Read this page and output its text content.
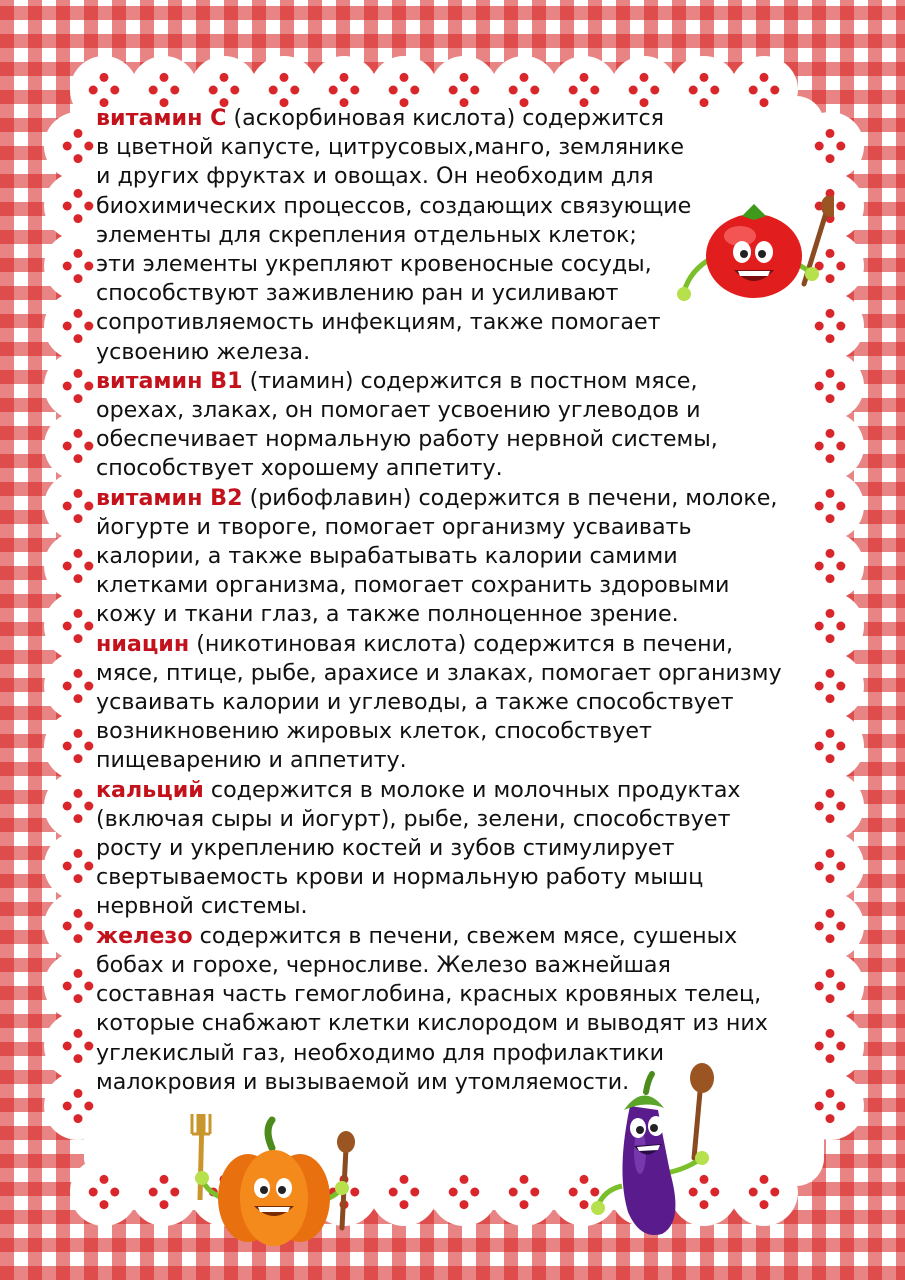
витамин С (аскорбиновая кислота) содержится
в цветной капусте, цитрусовых,манго, землянике
и других фруктах и овощах. Он необходим для
биохимических процессов, создающих связующие
элементы для скрепления отдельных клеток;
эти элементы укрепляют кровеносные сосуды,
способствуют заживлению ран и усиливают
сопротивляемость инфекциям, также помогает
усвоению железа.

витамин В1 (тиамин) содержится в постном мясе,
орехах, злаках, он помогает усвоению углеводов и
обеспечивает нормальную работу нервной системы,
способствует хорошему аппетиту.

витамин В2 (рибофлавин) содержится в печени, молоке,
йогурте и твороге, помогает организму усваивать
калории, а также вырабатывать калории самими
клетками организма, помогает сохранить здоровыми
кожу и ткани глаз, а также полноценное зрение.

ниацин (никотиновая кислота) содержится в печени,
мясе, птице, рыбе, арахисе и злаках, помогает организму
усваивать калории и углеводы, а также способствует
возникновению жировых клеток, способствует
пищеварению и аппетиту.

кальций содержится в молоке и молочных продуктах
(включая сыры и йогурт), рыбе, зелени, способствует
росту и укреплению костей и зубов стимулирует
свертываемость крови и нормальную работу мышц
нервной системы.

железо содержится в печени, свежем мясе, сушеных
бобах и горохе, черносливе. Железо важнейшая
составная часть гемоглобина, красных кровяных телец,
которые снабжают клетки кислородом и выводят из них
углекислый газ, необходимо для профилактики
малокровия и вызываемой им утомляемости.
